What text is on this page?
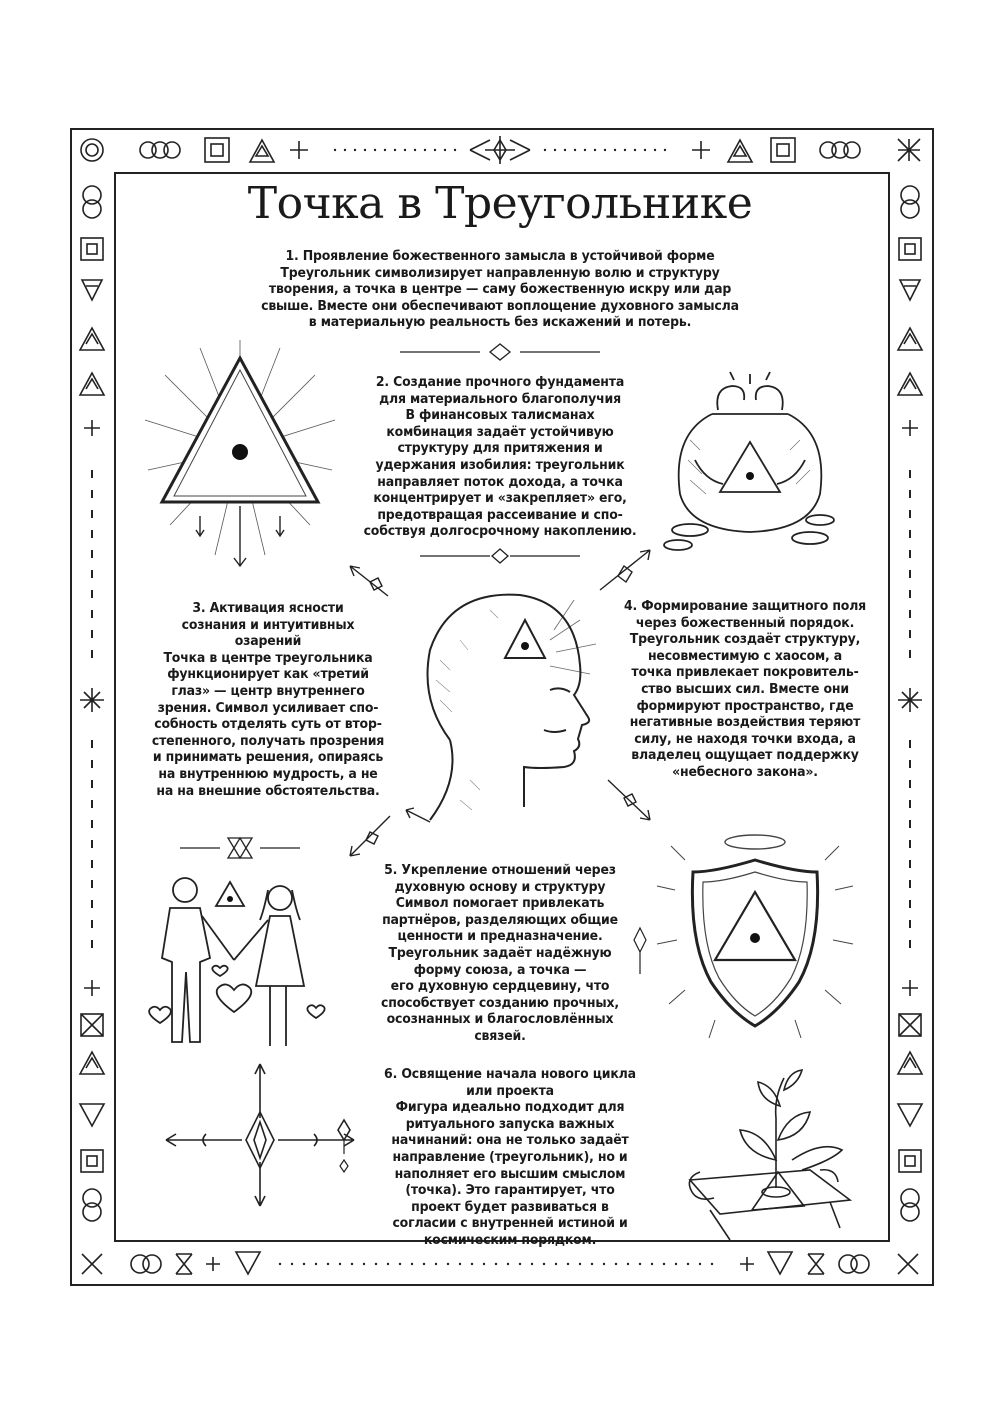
Точка в Треугольнике
1. Проявление божественного замысла в устойчивой форме
Треугольник символизирует направленную волю и структуру
творения, а точка в центре — саму божественную искру или дар
свыше. Вместе они обеспечивают воплощение духовного замысла
в материальную реальность без искажений и потерь.
2. Создание прочного фундамента
для материального благополучия
В финансовых талисманах
комбинация задаёт устойчивую
структуру для притяжения и
удержания изобилия: треугольник
направляет поток дохода, а точка
концентрирует и «закрепляет» его,
предотвращая рассеивание и спо-
собствуя долгосрочному накоплению.
3. Активация ясности
сознания и интуитивных
озарений
Точка в центре треугольника
функционирует как «третий
глаз» — центр внутреннего
зрения. Символ усиливает спо-
собность отделять суть от втор-
степенного, получать прозрения
и принимать решения, опираясь
на внутреннюю мудрость, а не
на на внешние обстоятельства.
4. Формирование защитного поля
через божественный порядок.
Треугольник создаёт структуру,
несовместимую с хаосом, а
точка привлекает покровитель-
ство высших сил. Вместе они
формируют пространство, где
негативные воздействия теряют
силу, не находя точки входа, а
владелец ощущает поддержку
«небесного закона».
5. Укрепление отношений через
духовную основу и структуру
Символ помогает привлекать
партнёров, разделяющих общие
ценности и предназначение.
Треугольник задаёт надёжную
форму союза, а точка —
его духовную сердцевину, что
способствует созданию прочных,
осознанных и благословлённых
связей.
6. Освящение начала нового цикла
или проекта
Фигура идеально подходит для
ритуального запуска важных
начинаний: она не только задаёт
направление (треугольник), но и
наполняет его высшим смыслом
(точка). Это гарантирует, что
проект будет развиваться в
согласии с внутренней истиной и
космическим порядком.
